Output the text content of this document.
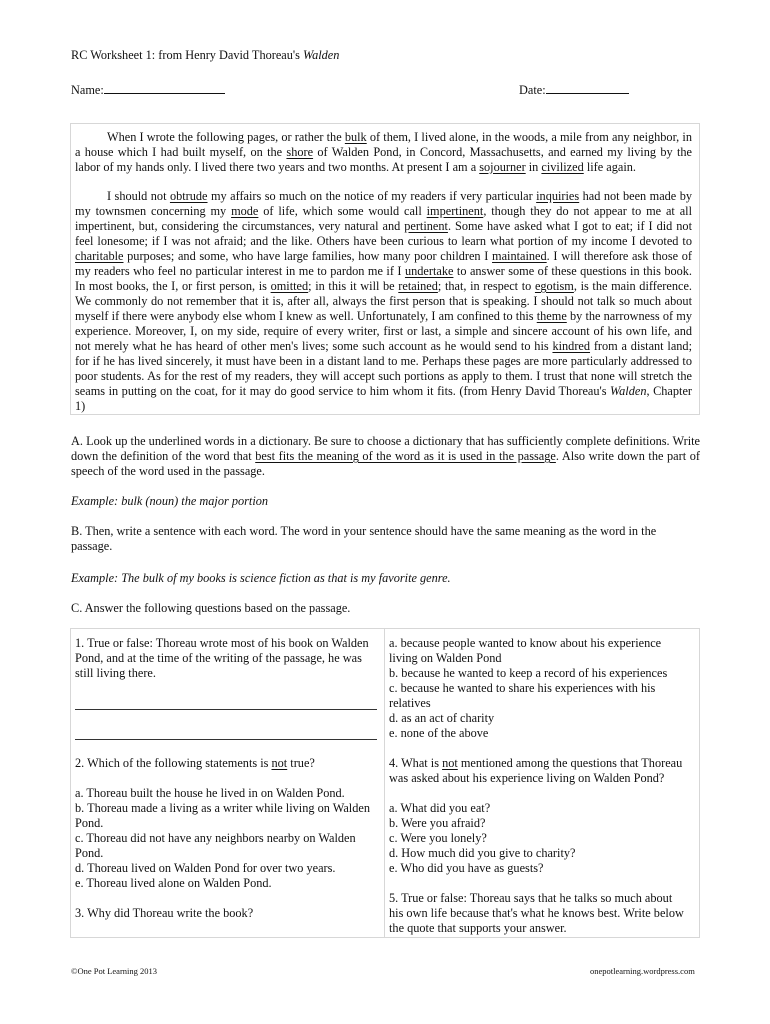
RC Worksheet 1: from Henry David Thoreau's Walden
Name:	Date:

When I wrote the following pages, or rather the bulk of them, I lived alone, in the woods, a mile from any neighbor, in a house which I had built myself, on the shore of Walden Pond, in Concord, Massachusetts, and earned my living by the labor of my hands only. I lived there two years and two months. At present I am a sojourner in civilized life again.

I should not obtrude my affairs so much on the notice of my readers if very particular inquiries had not been made by my townsmen concerning my mode of life, which some would call impertinent, though they do not appear to me at all impertinent, but, considering the circumstances, very natural and pertinent. Some have asked what I got to eat; if I did not feel lonesome; if I was not afraid; and the like. Others have been curious to learn what portion of my income I devoted to charitable purposes; and some, who have large families, how many poor children I maintained. I will therefore ask those of my readers who feel no particular interest in me to pardon me if I undertake to answer some of these questions in this book. In most books, the I, or first person, is omitted; in this it will be retained; that, in respect to egotism, is the main difference. We commonly do not remember that it is, after all, always the first person that is speaking. I should not talk so much about myself if there were anybody else whom I knew as well. Unfortunately, I am confined to this theme by the narrowness of my experience. Moreover, I, on my side, require of every writer, first or last, a simple and sincere account of his own life, and not merely what he has heard of other men's lives; some such account as he would send to his kindred from a distant land; for if he has lived sincerely, it must have been in a distant land to me. Perhaps these pages are more particularly addressed to poor students. As for the rest of my readers, they will accept such portions as apply to them. I trust that none will stretch the seams in putting on the coat, for it may do good service to him whom it fits. (from Henry David Thoreau's Walden, Chapter 1)

A. Look up the underlined words in a dictionary. Be sure to choose a dictionary that has sufficiently complete definitions. Write down the definition of the word that best fits the meaning of the word as it is used in the passage. Also write down the part of speech of the word used in the passage.
Example: bulk (noun) the major portion
B. Then, write a sentence with each word. The word in your sentence should have the same meaning as the word in the passage.
Example: The bulk of my books is science fiction as that is my favorite genre.
C. Answer the following questions based on the passage.
1. True or false: Thoreau wrote most of his book on Walden Pond, and at the time of the writing of the passage, he was still living there.
2. Which of the following statements is not true?
a. Thoreau built the house he lived in on Walden Pond.
b. Thoreau made a living as a writer while living on Walden Pond.
c. Thoreau did not have any neighbors nearby on Walden Pond.
d. Thoreau lived on Walden Pond for over two years.
e. Thoreau lived alone on Walden Pond.
3. Why did Thoreau write the book?
a. because people wanted to know about his experience living on Walden Pond
b. because he wanted to keep a record of his experiences
c. because he wanted to share his experiences with his relatives
d. as an act of charity
e. none of the above
4. What is not mentioned among the questions that Thoreau was asked about his experience living on Walden Pond?
a. What did you eat?
b. Were you afraid?
c. Were you lonely?
d. How much did you give to charity?
e. Who did you have as guests?
5. True or false: Thoreau says that he talks so much about his own life because that's what he knows best. Write below the quote that supports your answer.
©One Pot Learning 2013	onepotlearning.wordpress.com
